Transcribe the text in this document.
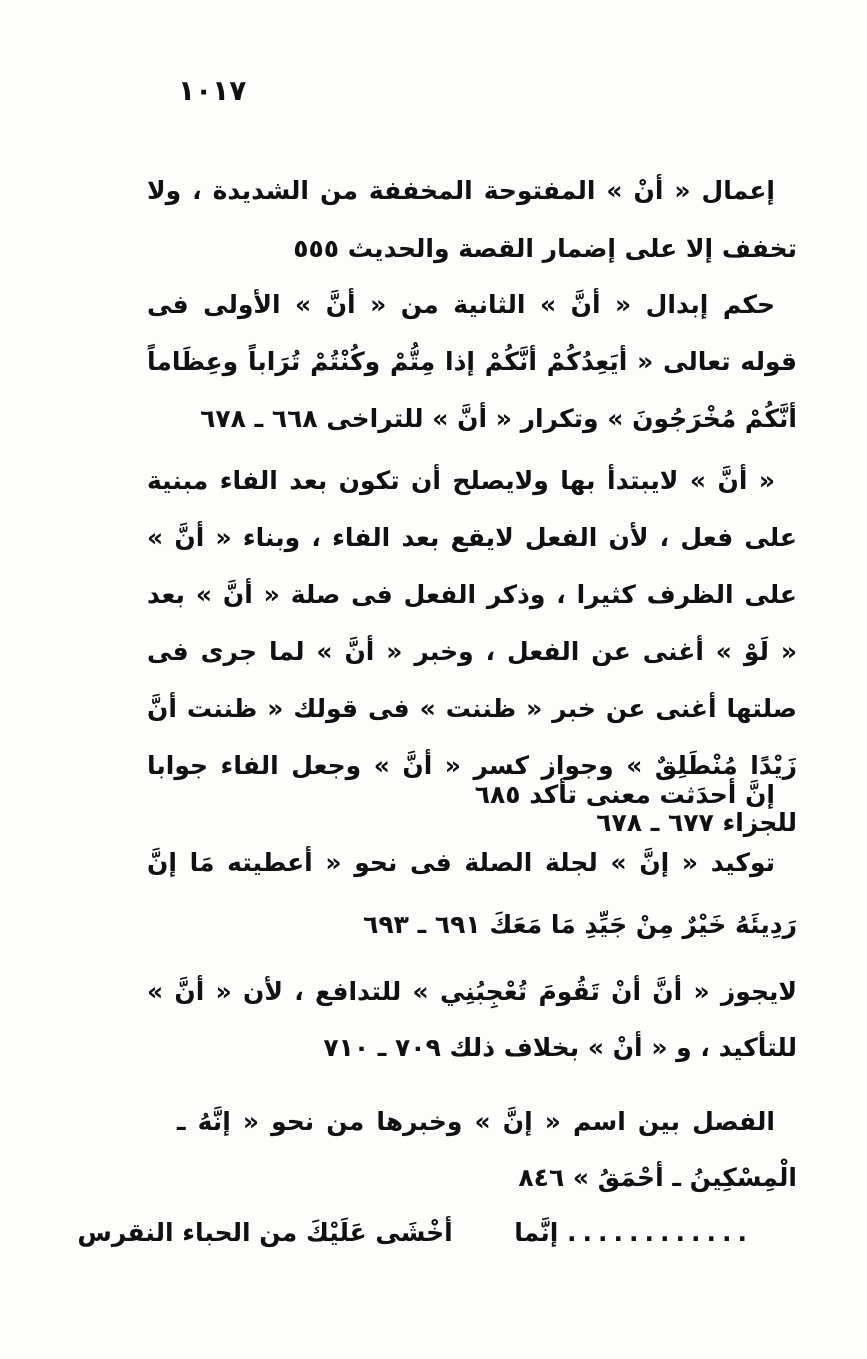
١٠١٧
إعمال « أنْ » المفتوحة المخففة من الشديدة ، ولا تخفف إلا على إضمار القصة والحديث ٥٥٥
حكم إبدال « أنَّ » الثانية من « أنَّ » الأولى فى قوله تعالى « أيَعِدُكُمْ أنَّكُمْ إذا مِتُّمْ وكُنْتُمْ تُرَاباً وعِظَاماً أنَّكُمْ مُخْرَجُونَ » وتكرار « أنَّ » للتراخى ٦٦٨ ـ ٦٧٨
« أنَّ » لايبتدأ بها ولايصلح أن تكون بعد الفاء مبنية على فعل ، لأن الفعل لايقع بعد الفاء ، وبناء « أنَّ » على الظرف كثيرا ، وذكر الفعل فى صلة « أنَّ » بعد « لَوْ » أغنى عن الفعل ، وخبر « أنَّ » لما جرى فى صلتها أغنى عن خبر « ظننت » فى قولك « ظننت أنَّ زَيْدًا مُنْطَلِقٌ » وجواز كسر « أنَّ » وجعل الفاء جوابا للجزاء ٦٧٧ ـ ٦٧٨
إنَّ أحدَثت معنى تأكد ٦٨٥
توكيد « إنَّ » لجلة الصلة فى نحو « أعطيته مَا إنَّ رَدِيئَهُ خَيْرٌ مِنْ جَيِّدِ مَا مَعَكَ ٦٩١ ـ ٦٩٣
لايجوز « أنَّ أنْ تَقُومَ تُعْجِبُنِي » للتدافع ، لأن « أنَّ » للتأكيد ، و « أنْ » بخلاف ذلك ٧٠٩ ـ ٧١٠
الفصل بين اسم « إنَّ » وخبرها من نحو « إنَّهُ ـ الْمِسْكِينُ ـ أحْمَقُ » ٨٤٦
............ إنَّما  أخْشَى عَلَيْكَ من الحباء النقرس
